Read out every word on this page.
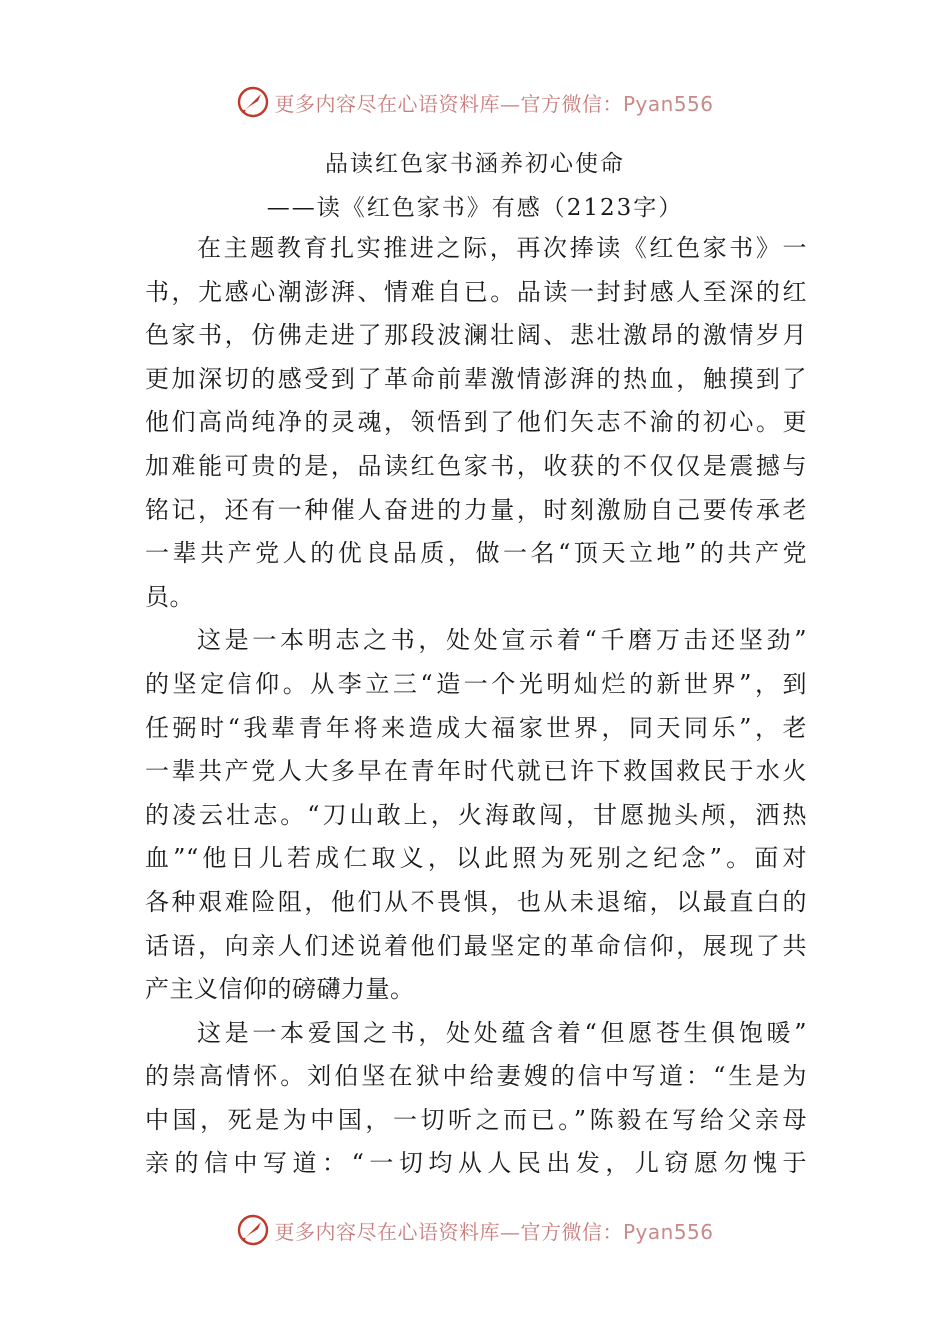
更多内容尽在心语资料库—官方微信：Pyan556
品读红色家书涵养初心使命
——读《红色家书》有感（2123字）
在主题教育扎实推进之际，再次捧读《红色家书》一
书，尤感心潮澎湃、情难自已。品读一封封感人至深的红
色家书，仿佛走进了那段波澜壮阔、悲壮激昂的激情岁月
更加深切的感受到了革命前辈激情澎湃的热血，触摸到了
他们高尚纯净的灵魂，领悟到了他们矢志不渝的初心。更
加难能可贵的是，品读红色家书，收获的不仅仅是震撼与
铭记，还有一种催人奋进的力量，时刻激励自己要传承老
一辈共产党人的优良品质，做一名“顶天立地”的共产党
员。
这是一本明志之书，处处宣示着“千磨万击还坚劲”
的坚定信仰。从李立三“造一个光明灿烂的新世界”，到
任弼时“我辈青年将来造成大福家世界，同天同乐”，老
一辈共产党人大多早在青年时代就已许下救国救民于水火
的凌云壮志。“刀山敢上，火海敢闯，甘愿抛头颅，洒热
血”“他日儿若成仁取义，以此照为死别之纪念”。面对
各种艰难险阻，他们从不畏惧，也从未退缩，以最直白的
话语，向亲人们述说着他们最坚定的革命信仰，展现了共
产主义信仰的磅礴力量。
这是一本爱国之书，处处蕴含着“但愿苍生俱饱暖”
的崇高情怀。刘伯坚在狱中给妻嫂的信中写道：“生是为
中国，死是为中国，一切听之而已。”陈毅在写给父亲母
亲的信中写道：“一切均从人民出发，儿窃愿勿愧于
更多内容尽在心语资料库—官方微信：Pyan556
